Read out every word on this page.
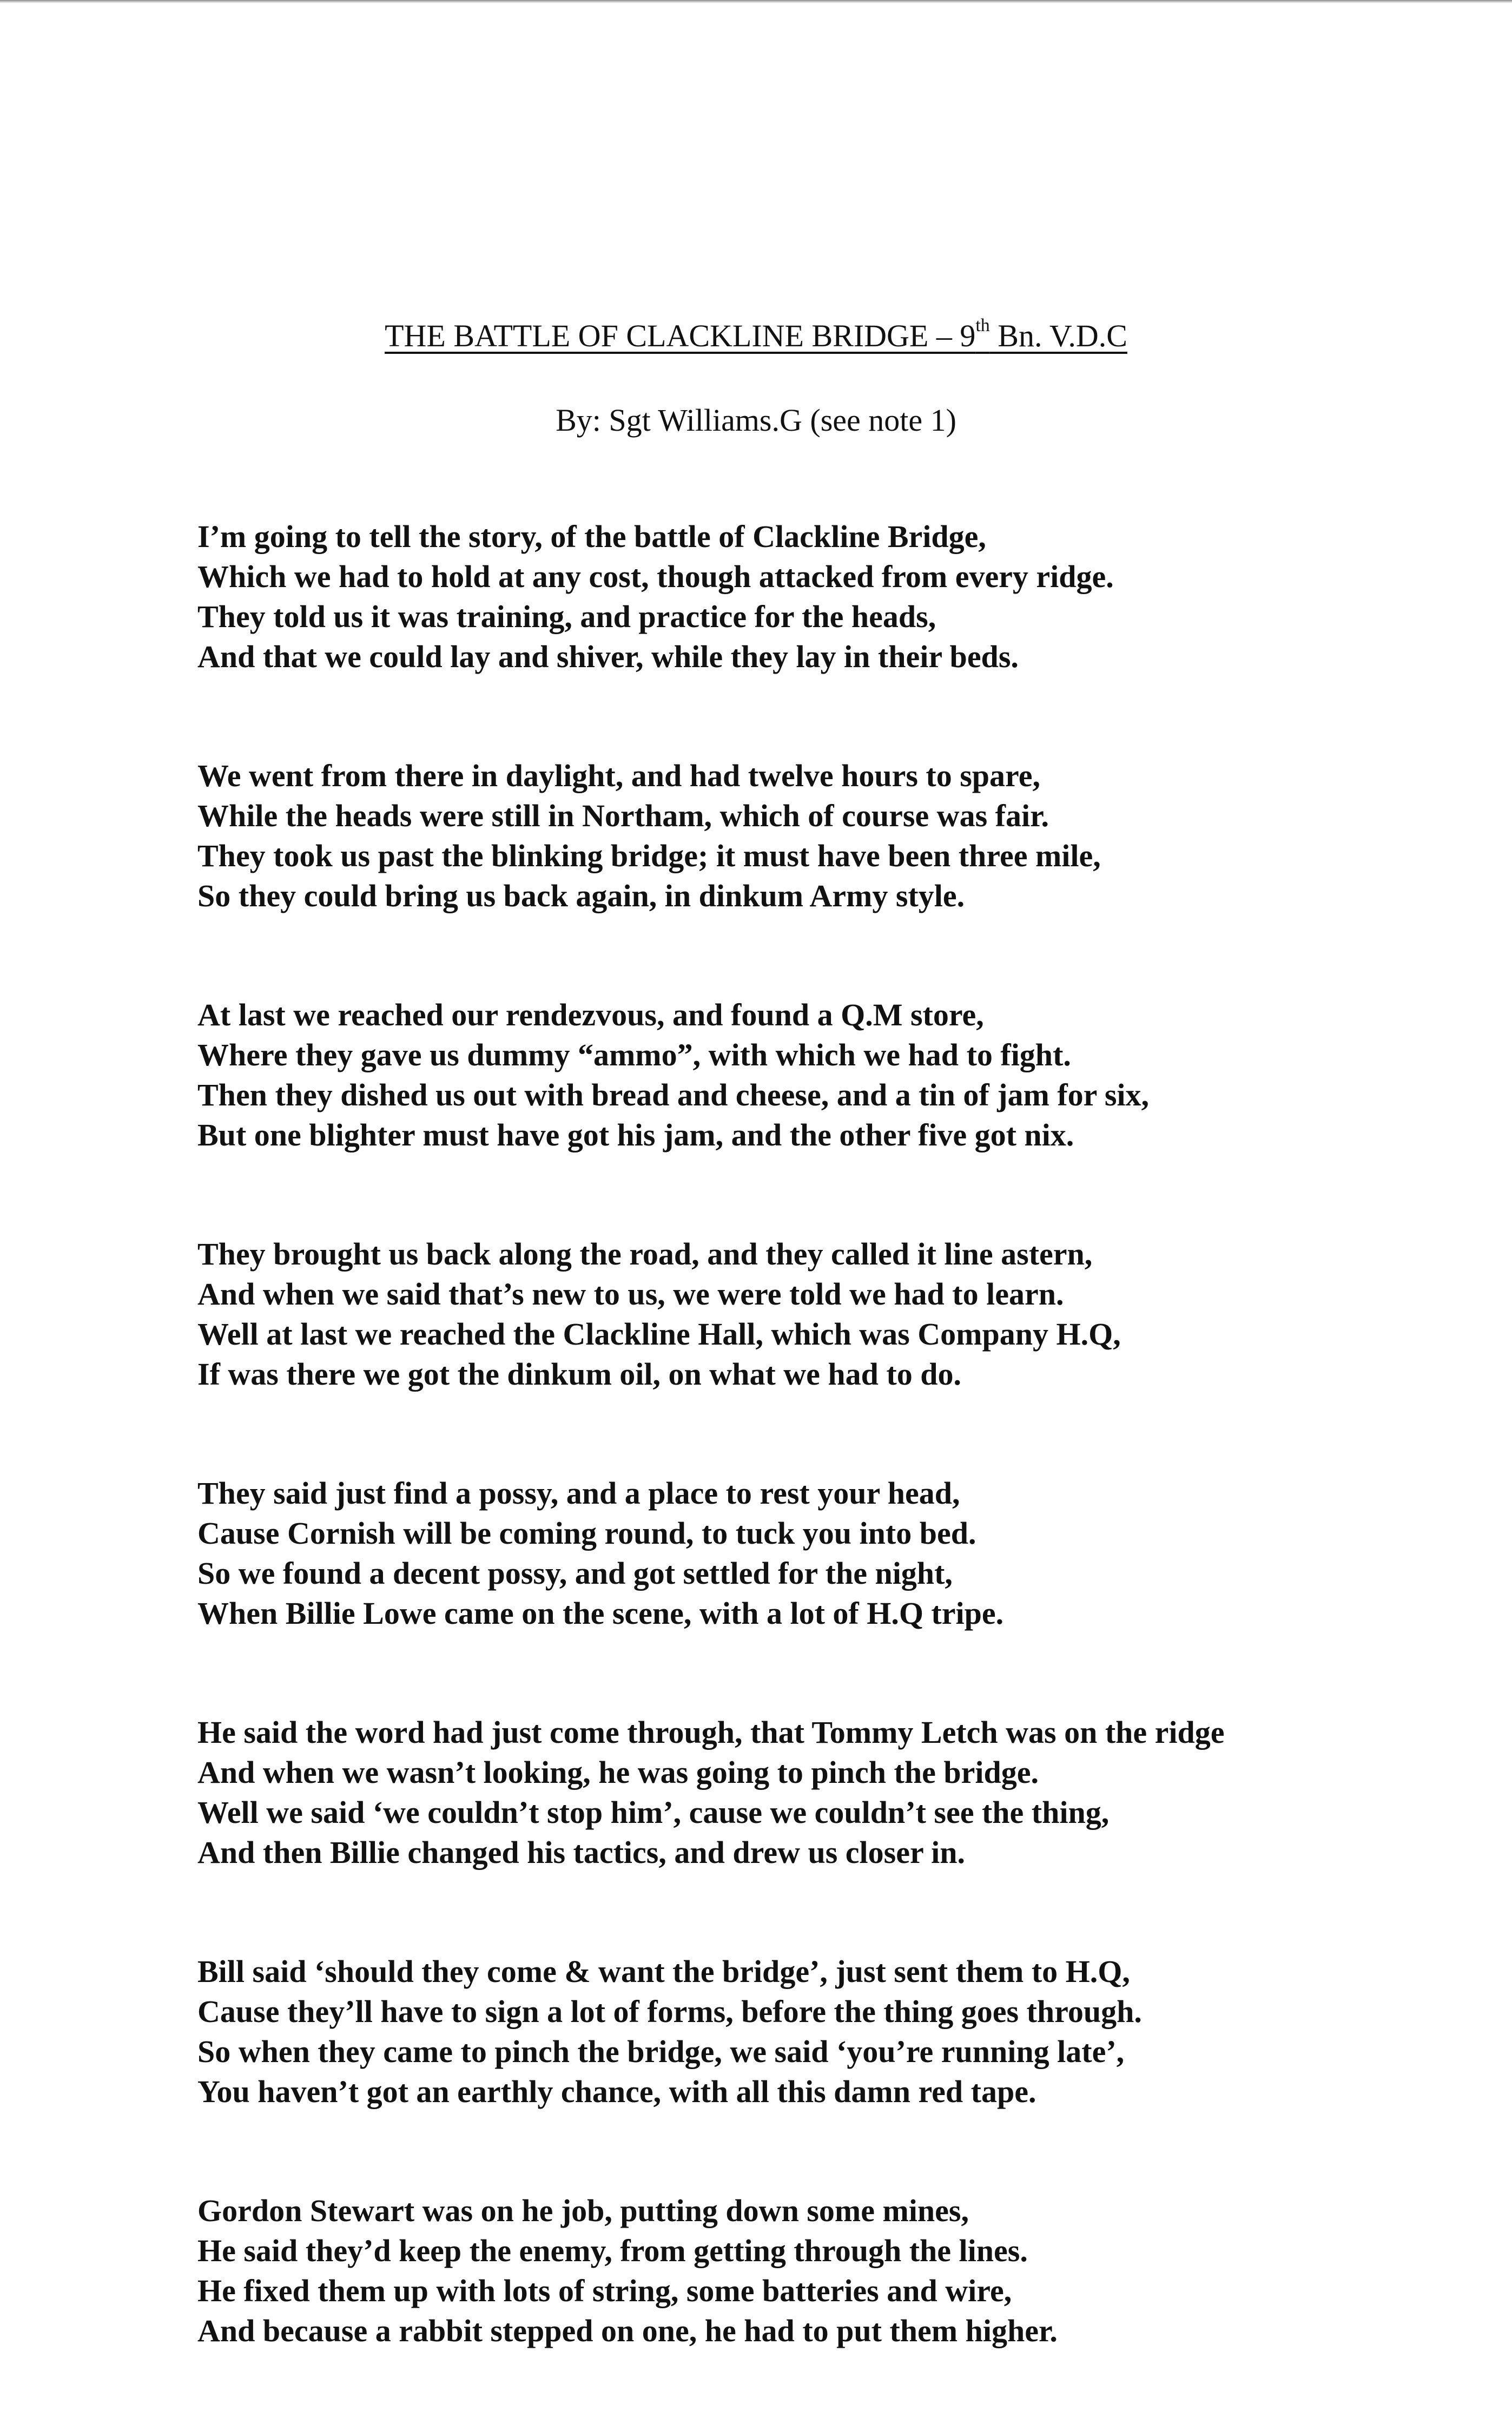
THE BATTLE OF CLACKLINE BRIDGE – 9th Bn. V.D.C

By: Sgt Williams.G (see note 1)

I’m going to tell the story, of the battle of Clackline Bridge,
Which we had to hold at any cost, though attacked from every ridge.
They told us it was training, and practice for the heads,
And that we could lay and shiver, while they lay in their beds.
We went from there in daylight, and had twelve hours to spare,
While the heads were still in Northam, which of course was fair.
They took us past the blinking bridge; it must have been three mile,
So they could bring us back again, in dinkum Army style.
At last we reached our rendezvous, and found a Q.M store,
Where they gave us dummy “ammo”, with which we had to fight.
Then they dished us out with bread and cheese, and a tin of jam for six,
But one blighter must have got his jam, and the other five got nix.
They brought us back along the road, and they called it line astern,
And when we said that’s new to us, we were told we had to learn.
Well at last we reached the Clackline Hall, which was Company H.Q,
If was there we got the dinkum oil, on what we had to do.
They said just find a possy, and a place to rest your head,
Cause Cornish will be coming round, to tuck you into bed.
So we found a decent possy, and got settled for the night,
When Billie Lowe came on the scene, with a lot of H.Q tripe.
He said the word had just come through, that Tommy Letch was on the ridge
And when we wasn’t looking, he was going to pinch the bridge.
Well we said ‘we couldn’t stop him’, cause we couldn’t see the thing,
And then Billie changed his tactics, and drew us closer in.
Bill said ‘should they come & want the bridge’, just sent them to H.Q,
Cause they’ll have to sign a lot of forms, before the thing goes through.
So when they came to pinch the bridge, we said ‘you’re running late’,
You haven’t got an earthly chance, with all this damn red tape.
Gordon Stewart was on he job, putting down some mines,
He said they’d keep the enemy, from getting through the lines.
He fixed them up with lots of string, some batteries and wire,
And because a rabbit stepped on one, he had to put them higher.
